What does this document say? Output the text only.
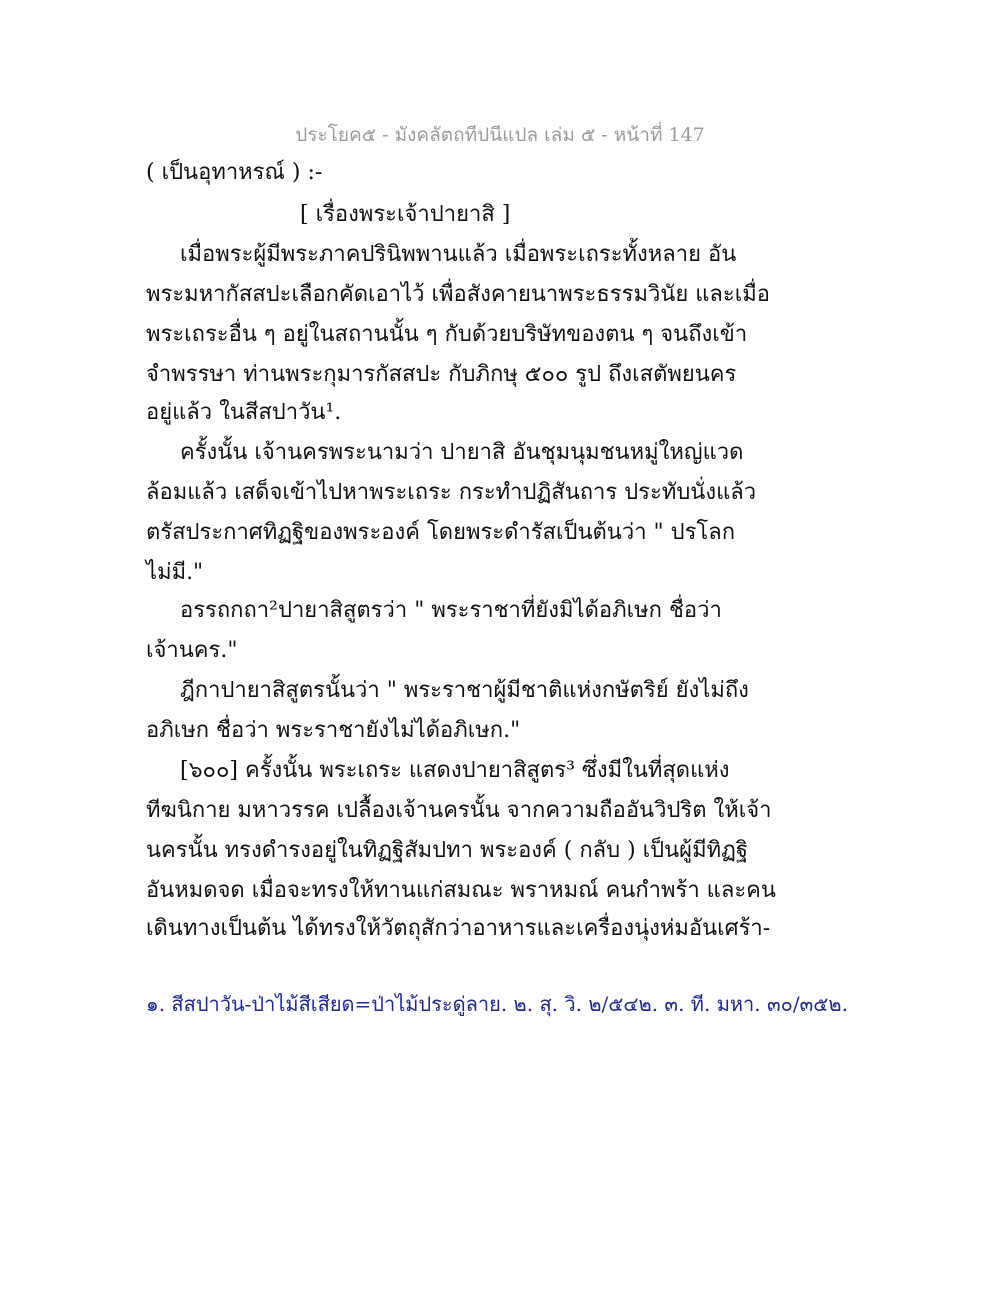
ประโยค๕ - มังคลัตถทีปนีแปล เล่ม ๕ - หน้าที่ 147
( เป็นอุทาหรณ์ ) :-
[ เรื่องพระเจ้าปายาสิ ]
เมื่อพระผู้มีพระภาคปรินิพพานแล้ว เมื่อพระเถระทั้งหลาย อัน
พระมหากัสสปะเลือกคัดเอาไว้ เพื่อสังคายนาพระธรรมวินัย และเมื่อ
พระเถระอื่น ๆ อยู่ในสถานนั้น ๆ กับด้วยบริษัทของตน ๆ จนถึงเข้า
จำพรรษา ท่านพระกุมารกัสสปะ กับภิกษุ ๕๐๐ รูป ถึงเสตัพยนคร
อยู่แล้ว ในสีสปาวัน¹.
ครั้งนั้น เจ้านครพระนามว่า ปายาสิ อันชุมนุมชนหมู่ใหญ่แวด
ล้อมแล้ว เสด็จเข้าไปหาพระเถระ กระทำปฏิสันถาร ประทับนั่งแล้ว
ตรัสประกาศทิฏฐิของพระองค์ โดยพระดำรัสเป็นต้นว่า " ปรโลก
ไม่มี."
อรรถกถา²ปายาสิสูตรว่า " พระราชาที่ยังมิได้อภิเษก ชื่อว่า
เจ้านคร."
ฎีกาปายาสิสูตรนั้นว่า " พระราชาผู้มีชาติแห่งกษัตริย์ ยังไม่ถึง
อภิเษก ชื่อว่า พระราชายังไม่ได้อภิเษก."
[๖๐๐] ครั้งนั้น พระเถระ แสดงปายาสิสูตร³ ซึ่งมีในที่สุดแห่ง
ทีฆนิกาย มหาวรรค เปลื้องเจ้านครนั้น จากความถืออันวิปริต ให้เจ้า
นครนั้น ทรงดำรงอยู่ในทิฏฐิสัมปทา พระองค์ ( กลับ ) เป็นผู้มีทิฏฐิ
อันหมดจด เมื่อจะทรงให้ทานแก่สมณะ พราหมณ์ คนกำพร้า และคน
เดินทางเป็นต้น ได้ทรงให้วัตถุสักว่าอาหารและเครื่องนุ่งห่มอันเศร้า-
๑. สีสปาวัน-ป่าไม้สีเสียด=ป่าไม้ประดู่ลาย. ๒. สุ. วิ. ๒/๕๔๒. ๓. ที. มหา. ๓๐/๓๕๒.
